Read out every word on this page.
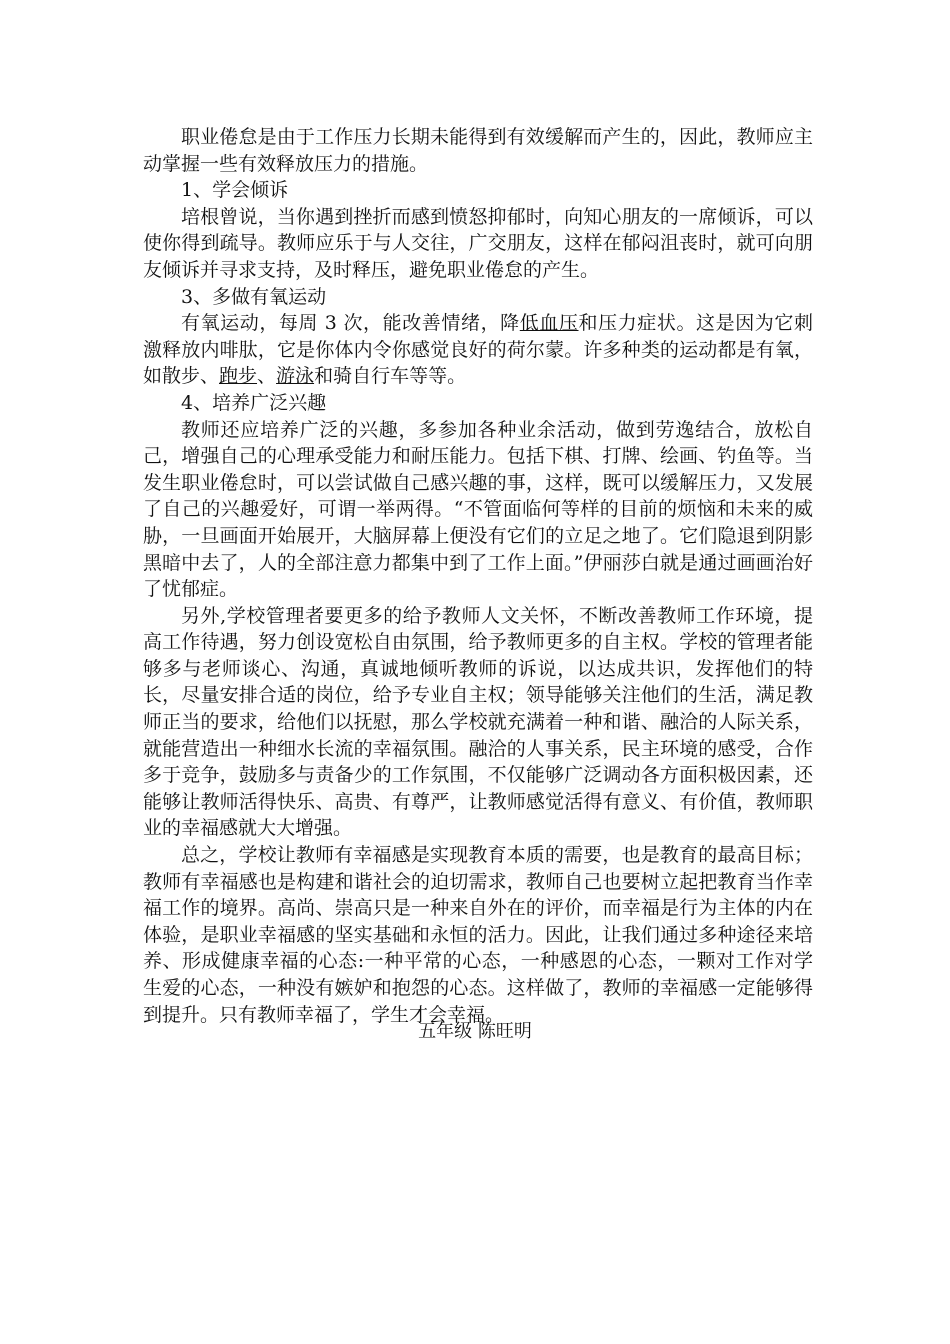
职业倦怠是由于工作压力长期未能得到有效缓解而产生的，因此，教师应主动掌握一些有效释放压力的措施。

1、学会倾诉

培根曾说，当你遇到挫折而感到愤怒抑郁时，向知心朋友的一席倾诉，可以使你得到疏导。教师应乐于与人交往，广交朋友，这样在郁闷沮丧时，就可向朋友倾诉并寻求支持，及时释压，避免职业倦怠的产生。

3、多做有氧运动

有氧运动，每周 3 次，能改善情绪，降低血压和压力症状。这是因为它刺激释放内啡肽，它是你体内令你感觉良好的荷尔蒙。许多种类的运动都是有氧，如散步、跑步、游泳和骑自行车等等。

4、培养广泛兴趣

教师还应培养广泛的兴趣，多参加各种业余活动，做到劳逸结合，放松自己，增强自己的心理承受能力和耐压能力。包括下棋、打牌、绘画、钓鱼等。当发生职业倦怠时，可以尝试做自己感兴趣的事，这样，既可以缓解压力，又发展了自己的兴趣爱好，可谓一举两得。“不管面临何等样的目前的烦恼和未来的威胁，一旦画面开始展开，大脑屏幕上便没有它们的立足之地了。它们隐退到阴影黑暗中去了，人的全部注意力都集中到了工作上面。”伊丽莎白就是通过画画治好了忧郁症。

另外,学校管理者要更多的给予教师人文关怀，不断改善教师工作环境，提高工作待遇，努力创设宽松自由氛围，给予教师更多的自主权。学校的管理者能够多与老师谈心、沟通，真诚地倾听教师的诉说，以达成共识，发挥他们的特长，尽量安排合适的岗位，给予专业自主权；领导能够关注他们的生活，满足教师正当的要求，给他们以抚慰，那么学校就充满着一种和谐、融洽的人际关系，就能营造出一种细水长流的幸福氛围。融洽的人事关系，民主环境的感受，合作多于竞争，鼓励多与责备少的工作氛围，不仅能够广泛调动各方面积极因素，还能够让教师活得快乐、高贵、有尊严，让教师感觉活得有意义、有价值，教师职业的幸福感就大大增强。

总之，学校让教师有幸福感是实现教育本质的需要，也是教育的最高目标；教师有幸福感也是构建和谐社会的迫切需求，教师自己也要树立起把教育当作幸福工作的境界。高尚、崇高只是一种来自外在的评价，而幸福是行为主体的内在体验，是职业幸福感的坚实基础和永恒的活力。因此，让我们通过多种途径来培养、形成健康幸福的心态:一种平常的心态，一种感恩的心态，一颗对工作对学生爱的心态，一种没有嫉妒和抱怨的心态。这样做了，教师的幸福感一定能够得到提升。只有教师幸福了，学生才会幸福。

五年级 陈旺明
